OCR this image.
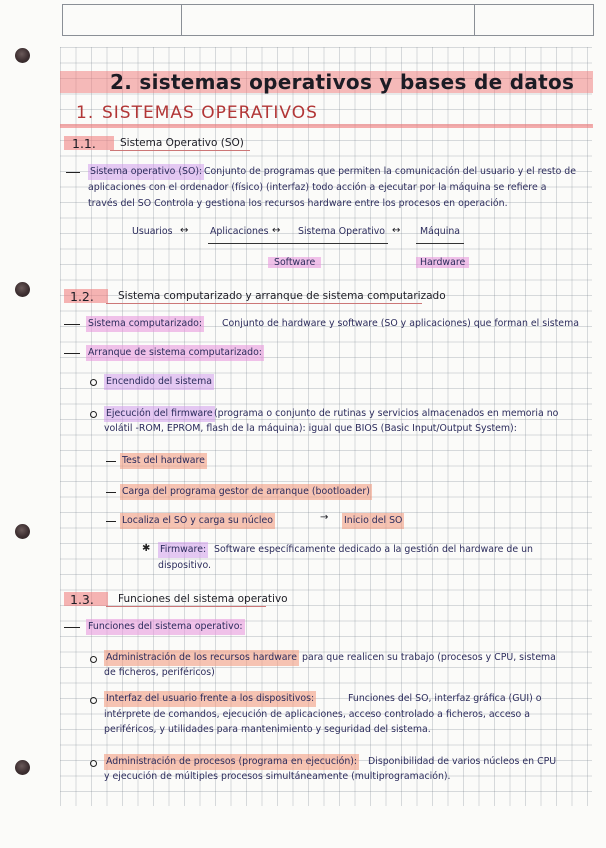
2. sistemas operativos y bases de datos
1. SISTEMAS OPERATIVOS
1.1. Sistema Operativo (SO)
Sistema operativo (SO): Conjunto de programas que permiten la comunicación del usuario y el resto de
aplicaciones con el ordenador (físico) (interfaz) todo acción a ejecutar por la máquina se refiere a
través del SO Controla y gestiona los recursos hardware entre los procesos en operación.
Usuarios ↔ Aplicaciones ↔ Sistema Operativo ↔ Máquina
Software	Hardware
1.2. Sistema computarizado y arranque de sistema computarizado
Sistema computarizado: Conjunto de hardware y software (SO y aplicaciones) que forman el sistema
Arranque de sistema computarizado:
Encendido del sistema
Ejecución del firmware (programa o conjunto de rutinas y servicios almacenados en memoria no
volátil -ROM, EPROM, flash de la máquina): igual que BIOS (Basic Input/Output System):
Test del hardware
Carga del programa gestor de arranque (bootloader)
Localiza el SO y carga su núcleo	→ Inicio del SO
✱ Firmware: Software específicamente dedicado a la gestión del hardware de un
dispositivo.
1.3. Funciones del sistema operativo
Funciones del sistema operativo:
Administración de los recursos hardware para que realicen su trabajo (procesos y CPU, sistema
de ficheros, periféricos)
Interfaz del usuario frente a los dispositivos:	Funciones del SO, interfaz gráfica (GUI) o
intérprete de comandos, ejecución de aplicaciones, acceso controlado a ficheros, acceso a
periféricos, y utilidades para mantenimiento y seguridad del sistema.
Administración de procesos (programa en ejecución): Disponibilidad de varios núcleos en CPU
y ejecución de múltiples procesos simultáneamente (multiprogramación).
